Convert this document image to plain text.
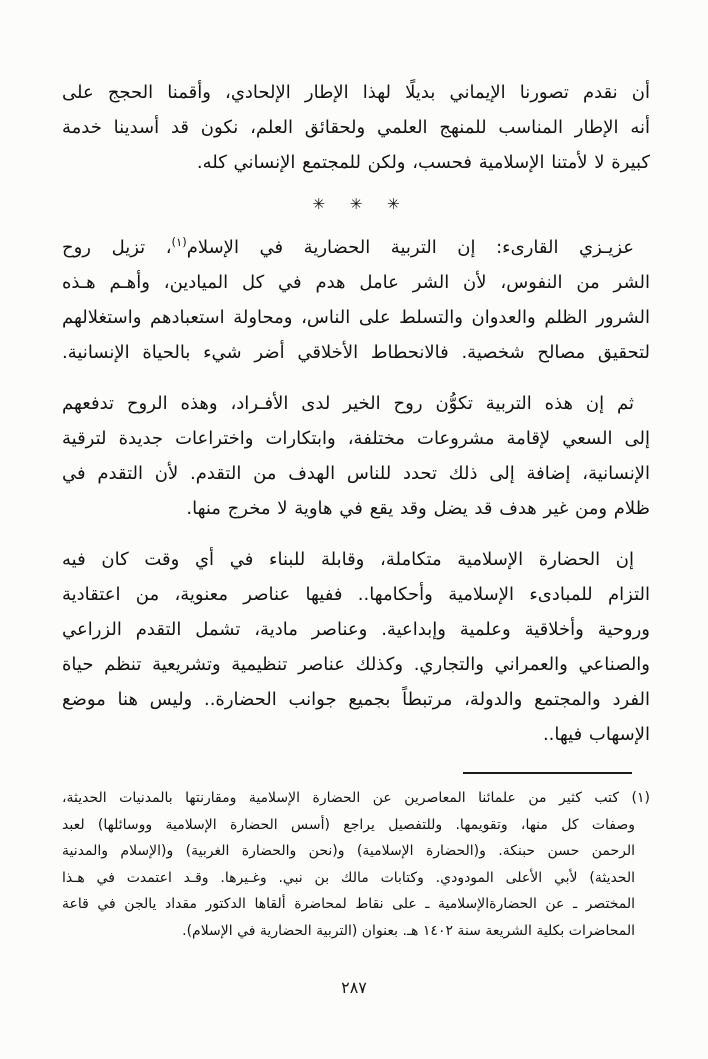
أن نقدم تصورنا الإيماني بديلًا لهذا الإطار الإلحادي، وأقمنا الحجج على
أنه الإطار المناسب للمنهج العلمي ولحقائق العلم، نكون قد أسدينا خدمة
كبيرة لا لأمتنا الإسلامية فحسب، ولكن للمجتمع الإنساني كله.
✳ ✳ ✳
عزيـزي القارىء: إن التربية الحضارية في الإسلام$^{(١)}$، تزيل روح
الشر من النفوس، لأن الشر عامل هدم في كل الميادين، وأهـم هـذه
الشرور الظلم والعدوان والتسلط على الناس، ومحاولة استعبادهم واستغلالهم
لتحقيق مصالح شخصية. فالانحطاط الأخلاقي أضر شيء بالحياة الإنسانية.
ثم إن هذه التربية تكوُّن روح الخير لدى الأفـراد، وهذه الروح تدفعهم
إلى السعي لإقامة مشروعات مختلفة، وابتكارات واختراعات جديدة لترقية
الإنسانية، إضافة إلى ذلك تحدد للناس الهدف من التقدم. لأن التقدم في
ظلام ومن غير هدف قد يضل وقد يقع في هاوية لا مخرج منها.
إن الحضارة الإسلامية متكاملة، وقابلة للبناء في أي وقت كان فيه
التزام للمبادىء الإسلامية وأحكامها.. ففيها عناصر معنوية، من اعتقادية
وروحية وأخلاقية وعلمية وإبداعية. وعناصر مادية، تشمل التقدم الزراعي
والصناعي والعمراني والتجاري. وكذلك عناصر تنظيمية وتشريعية تنظم حياة
الفرد والمجتمع والدولة، مرتبطاً بجميع جوانب الحضارة.. وليس هنا موضع
الإسهاب فيها..
(١) كتب كثير من علمائنا المعاصرين عن الحضارة الإسلامية ومقارنتها بالمدنيات الحديثة،
وصفات كل منها، وتقويمها. وللتفصيل يراجع (أسس الحضارة الإسلامية ووسائلها) لعبد
الرحمن حسن حبنكة. و(الحضارة الإسلامية) و(نحن والحضارة الغربية) و(الإسلام والمدنية
الحديثة) لأبي الأعلى المودودي. وكتابات مالك بن نبي. وغـيرها. وقـد اعتمدت في هـذا
المختصر ـ عن الحضارةالإسلامية ـ على نقاط لمحاضرة ألقاها الدكتور مقداد يالجن في قاعة
المحاضرات بكلية الشريعة سنة ١٤٠٢ هـ. بعنوان (التربية الحضارية في الإسلام).
٢٨٧
